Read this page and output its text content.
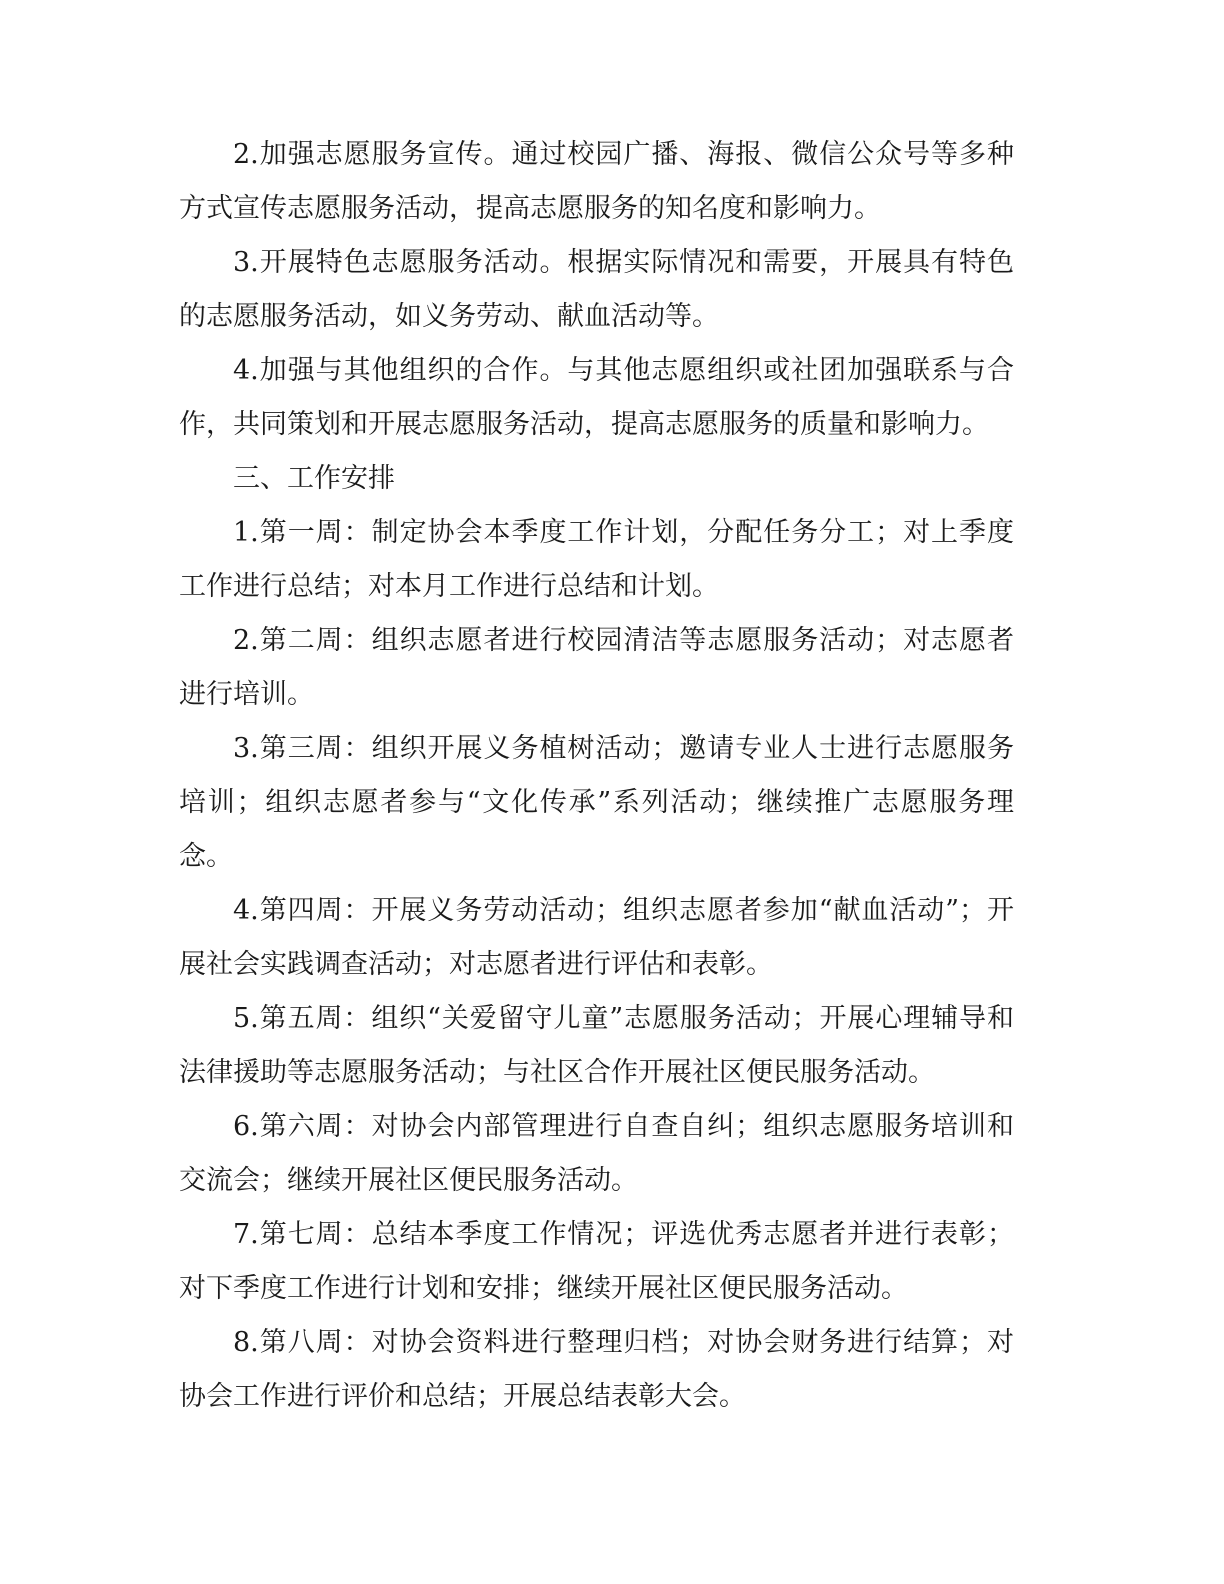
2.加强志愿服务宣传。通过校园广播、海报、微信公众号等多种方式宣传志愿服务活动，提高志愿服务的知名度和影响力。

3.开展特色志愿服务活动。根据实际情况和需要，开展具有特色的志愿服务活动，如义务劳动、献血活动等。

4.加强与其他组织的合作。与其他志愿组织或社团加强联系与合作，共同策划和开展志愿服务活动，提高志愿服务的质量和影响力。

三、工作安排

1.第一周：制定协会本季度工作计划，分配任务分工；对上季度工作进行总结；对本月工作进行总结和计划。

2.第二周：组织志愿者进行校园清洁等志愿服务活动；对志愿者进行培训。

3.第三周：组织开展义务植树活动；邀请专业人士进行志愿服务培训；组织志愿者参与“文化传承”系列活动；继续推广志愿服务理念。

4.第四周：开展义务劳动活动；组织志愿者参加“献血活动”；开展社会实践调查活动；对志愿者进行评估和表彰。

5.第五周：组织“关爱留守儿童”志愿服务活动；开展心理辅导和法律援助等志愿服务活动；与社区合作开展社区便民服务活动。

6.第六周：对协会内部管理进行自查自纠；组织志愿服务培训和交流会；继续开展社区便民服务活动。

7.第七周：总结本季度工作情况；评选优秀志愿者并进行表彰；对下季度工作进行计划和安排；继续开展社区便民服务活动。

8.第八周：对协会资料进行整理归档；对协会财务进行结算；对协会工作进行评价和总结；开展总结表彰大会。
